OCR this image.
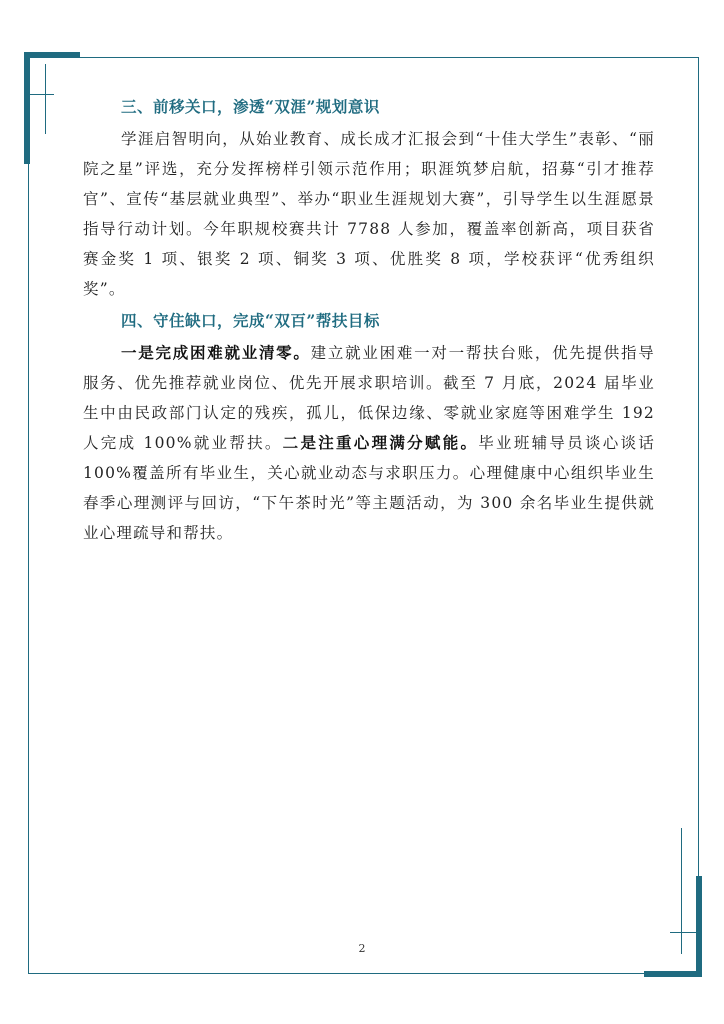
三、前移关口，渗透“双涯”规划意识

学涯启智明向，从始业教育、成长成才汇报会到“十佳大学生”表彰、“丽院之星”评选，充分发挥榜样引领示范作用；职涯筑梦启航，招募“引才推荐官”、宣传“基层就业典型”、举办“职业生涯规划大赛”，引导学生以生涯愿景指导行动计划。今年职规校赛共计 7788 人参加，覆盖率创新高，项目获省赛金奖 1 项、银奖 2 项、铜奖 3 项、优胜奖 8 项，学校获评“优秀组织奖”。

四、守住缺口，完成“双百”帮扶目标

一是完成困难就业清零。建立就业困难一对一帮扶台账，优先提供指导服务、优先推荐就业岗位、优先开展求职培训。截至 7 月底，2024 届毕业生中由民政部门认定的残疾，孤儿，低保边缘、零就业家庭等困难学生 192 人完成 100%就业帮扶。二是注重心理满分赋能。毕业班辅导员谈心谈话 100%覆盖所有毕业生，关心就业动态与求职压力。心理健康中心组织毕业生春季心理测评与回访，“下午茶时光”等主题活动，为 300 余名毕业生提供就业心理疏导和帮扶。

2
